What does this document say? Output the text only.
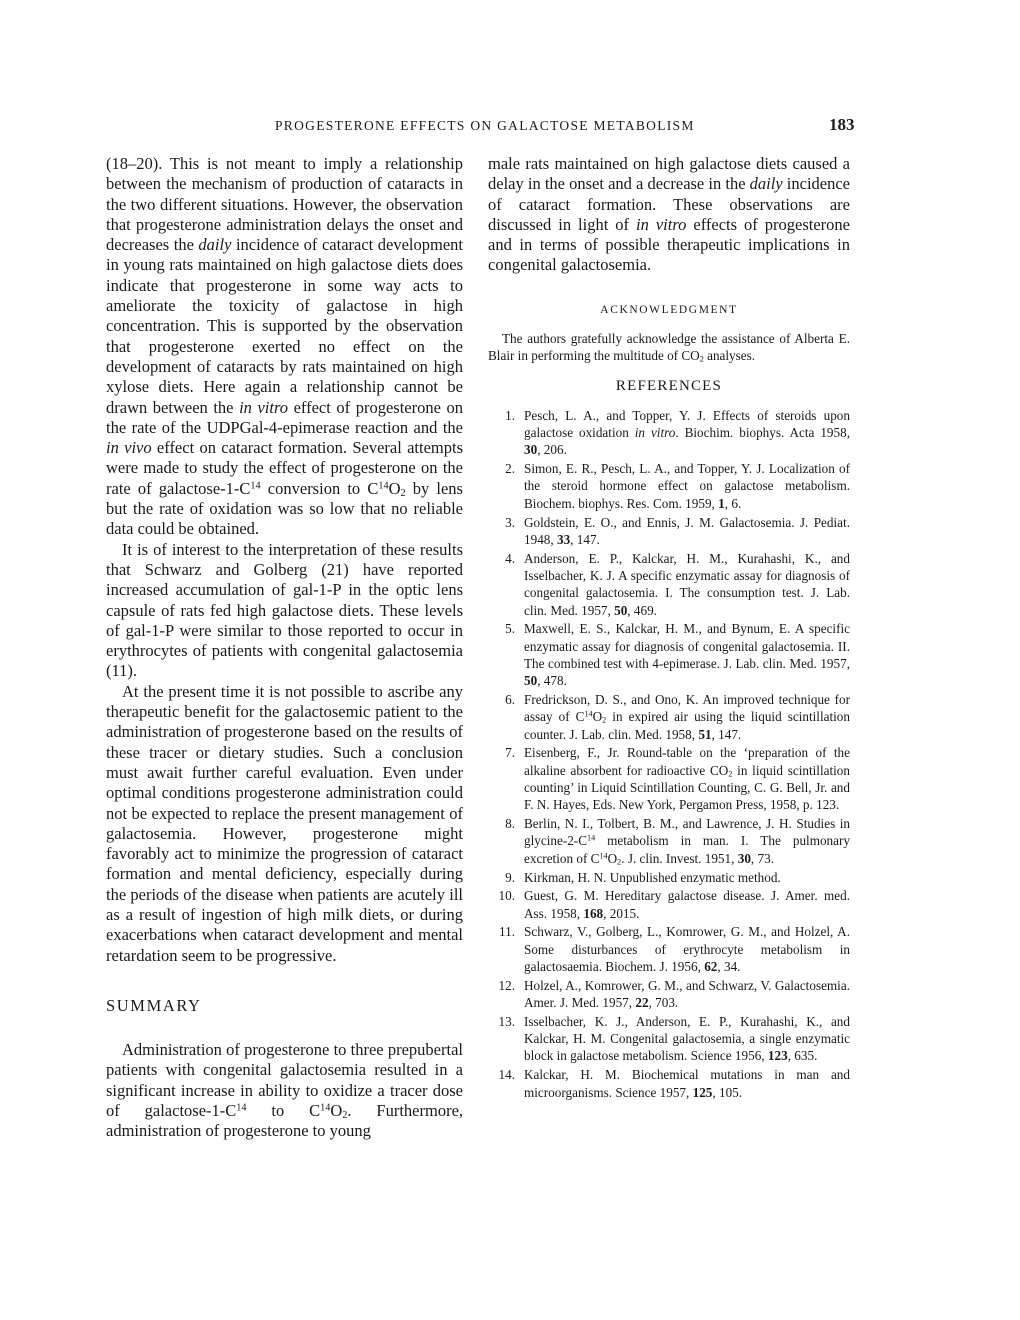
PROGESTERONE EFFECTS ON GALACTOSE METABOLISM	183

(18–20). This is not meant to imply a relationship between the mechanism of production of cataracts in the two different situations. However, the observation that progesterone administration delays the onset and decreases the daily incidence of cataract development in young rats maintained on high galactose diets does indicate that progesterone in some way acts to ameliorate the toxicity of galactose in high concentration. This is supported by the observation that progesterone exerted no effect on the development of cataracts by rats maintained on high xylose diets. Here again a relationship cannot be drawn between the in vitro effect of progesterone on the rate of the UDPGal-4-epimerase reaction and the in vivo effect on cataract formation. Several attempts were made to study the effect of progesterone on the rate of galactose-$1-C^{14}$ conversion to $C^{14}O_2$ by lens but the rate of oxidation was so low that no reliable data could be obtained.

It is of interest to the interpretation of these results that Schwarz and Golberg (21) have reported increased accumulation of gal-1-P in the optic lens capsule of rats fed high galactose diets. These levels of gal-1-P were similar to those reported to occur in erythrocytes of patients with congenital galactosemia (11).

At the present time it is not possible to ascribe any therapeutic benefit for the galactosemic patient to the administration of progesterone based on the results of these tracer or dietary studies. Such a conclusion must await further careful evaluation. Even under optimal conditions progesterone administration could not be expected to replace the present management of galactosemia. However, progesterone might favorably act to minimize the progression of cataract formation and mental deficiency, especially during the periods of the disease when patients are acutely ill as a result of ingestion of high milk diets, or during exacerbations when cataract development and mental retardation seem to be progressive.

SUMMARY

Administration of progesterone to three prepubertal patients with congenital galactosemia resulted in a significant increase in ability to oxidize a tracer dose of galactose-$1-C^{14}$ to $C^{14}O_2$. Furthermore, administration of progesterone to young

male rats maintained on high galactose diets caused a delay in the onset and a decrease in the daily incidence of cataract formation. These observations are discussed in light of in vitro effects of progesterone and in terms of possible therapeutic implications in congenital galactosemia.

ACKNOWLEDGMENT

The authors gratefully acknowledge the assistance of Alberta E. Blair in performing the multitude of $CO_2$ analyses.

REFERENCES

1. Pesch, L. A., and Topper, Y. J. Effects of steroids upon galactose oxidation in vitro. Biochim. biophys. Acta 1958, 30, 206.
2. Simon, E. R., Pesch, L. A., and Topper, Y. J. Localization of the steroid hormone effect on galactose metabolism. Biochem. biophys. Res. Com. 1959, 1, 6.
3. Goldstein, E. O., and Ennis, J. M. Galactosemia. J. Pediat. 1948, 33, 147.
4. Anderson, E. P., Kalckar, H. M., Kurahashi, K., and Isselbacher, K. J. A specific enzymatic assay for diagnosis of congenital galactosemia. I. The consumption test. J. Lab. clin. Med. 1957, 50, 469.
5. Maxwell, E. S., Kalckar, H. M., and Bynum, E. A specific enzymatic assay for diagnosis of congenital galactosemia. II. The combined test with 4-epimerase. J. Lab. clin. Med. 1957, 50, 478.
6. Fredrickson, D. S., and Ono, K. An improved technique for assay of $C^{14}O_2$ in expired air using the liquid scintillation counter. J. Lab. clin. Med. 1958, 51, 147.
7. Eisenberg, F., Jr. Round-table on the ‘preparation of the alkaline absorbent for radioactive $CO_2$ in liquid scintillation counting’ in Liquid Scintillation Counting, C. G. Bell, Jr. and F. N. Hayes, Eds. New York, Pergamon Press, 1958, p. 123.
8. Berlin, N. I., Tolbert, B. M., and Lawrence, J. H. Studies in glycine-$2-C^{14}$ metabolism in man. I. The pulmonary excretion of $C^{14}O_2$. J. clin. Invest. 1951, 30, 73.
9. Kirkman, H. N. Unpublished enzymatic method.
10. Guest, G. M. Hereditary galactose disease. J. Amer. med. Ass. 1958, 168, 2015.
11. Schwarz, V., Golberg, L., Komrower, G. M., and Holzel, A. Some disturbances of erythrocyte metabolism in galactosaemia. Biochem. J. 1956, 62, 34.
12. Holzel, A., Komrower, G. M., and Schwarz, V. Galactosemia. Amer. J. Med. 1957, 22, 703.
13. Isselbacher, K. J., Anderson, E. P., Kurahashi, K., and Kalckar, H. M. Congenital galactosemia, a single enzymatic block in galactose metabolism. Science 1956, 123, 635.
14. Kalckar, H. M. Biochemical mutations in man and microorganisms. Science 1957, 125, 105.
